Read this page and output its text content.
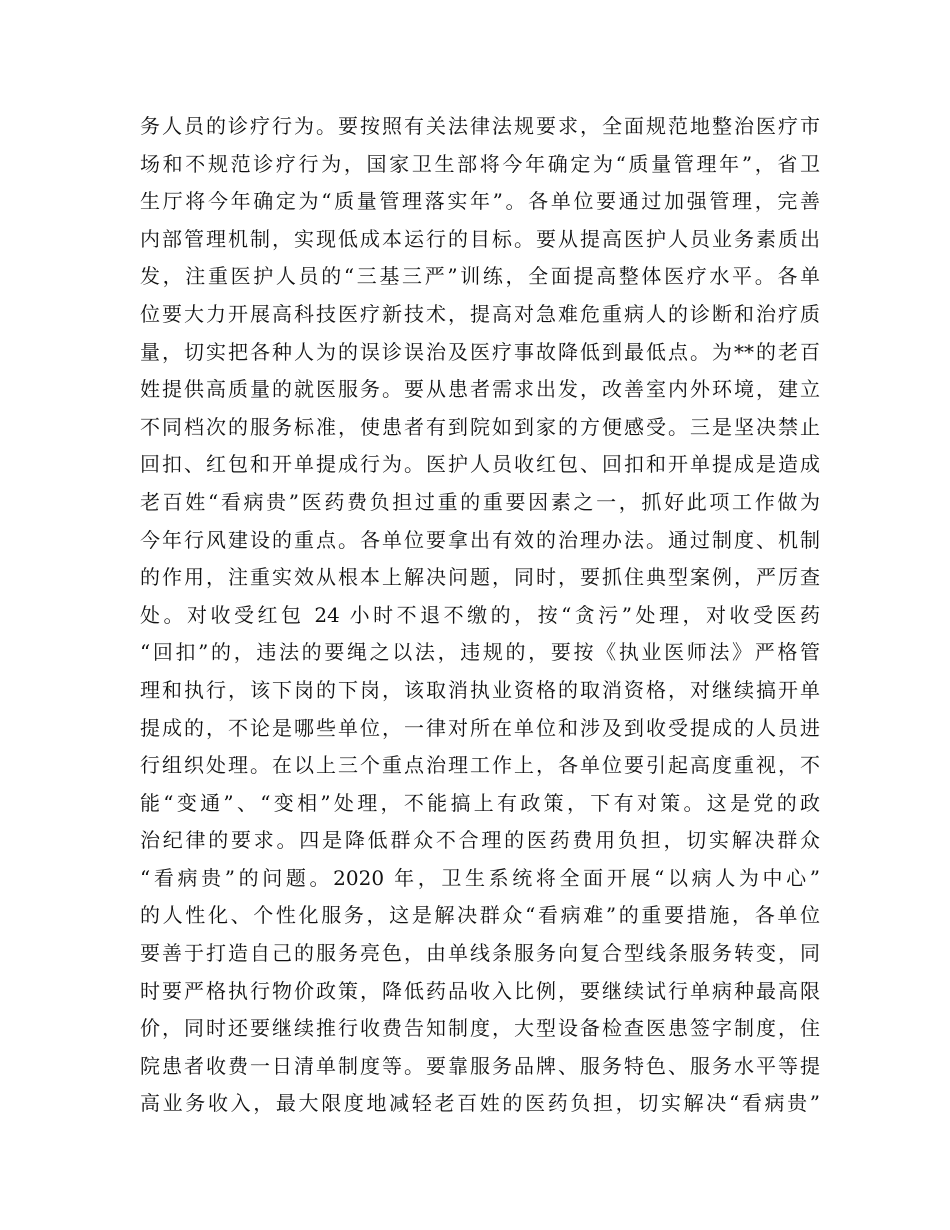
务人员的诊疗行为。要按照有关法律法规要求，全面规范地整治医疗市
场和不规范诊疗行为，国家卫生部将今年确定为“质量管理年”，省卫
生厅将今年确定为“质量管理落实年”。各单位要通过加强管理，完善
内部管理机制，实现低成本运行的目标。要从提高医护人员业务素质出
发，注重医护人员的“三基三严”训练，全面提高整体医疗水平。各单
位要大力开展高科技医疗新技术，提高对急难危重病人的诊断和治疗质
量，切实把各种人为的误诊误治及医疗事故降低到最低点。为**的老百
姓提供高质量的就医服务。要从患者需求出发，改善室内外环境，建立
不同档次的服务标准，使患者有到院如到家的方便感受。三是坚决禁止
回扣、红包和开单提成行为。医护人员收红包、回扣和开单提成是造成
老百姓“看病贵”医药费负担过重的重要因素之一，抓好此项工作做为
今年行风建设的重点。各单位要拿出有效的治理办法。通过制度、机制
的作用，注重实效从根本上解决问题，同时，要抓住典型案例，严厉查
处。对收受红包 24 小时不退不缴的，按“贪污”处理，对收受医药
“回扣”的，违法的要绳之以法，违规的，要按《执业医师法》严格管
理和执行，该下岗的下岗，该取消执业资格的取消资格，对继续搞开单
提成的，不论是哪些单位，一律对所在单位和涉及到收受提成的人员进
行组织处理。在以上三个重点治理工作上，各单位要引起高度重视，不
能“变通”、“变相”处理，不能搞上有政策，下有对策。这是党的政
治纪律的要求。四是降低群众不合理的医药费用负担，切实解决群众
“看病贵”的问题。2020 年，卫生系统将全面开展“以病人为中心”
的人性化、个性化服务，这是解决群众“看病难”的重要措施，各单位
要善于打造自己的服务亮色，由单线条服务向复合型线条服务转变，同
时要严格执行物价政策，降低药品收入比例，要继续试行单病种最高限
价，同时还要继续推行收费告知制度，大型设备检查医患签字制度，住
院患者收费一日清单制度等。要靠服务品牌、服务特色、服务水平等提
高业务收入，最大限度地减轻老百姓的医药负担，切实解决“看病贵”
